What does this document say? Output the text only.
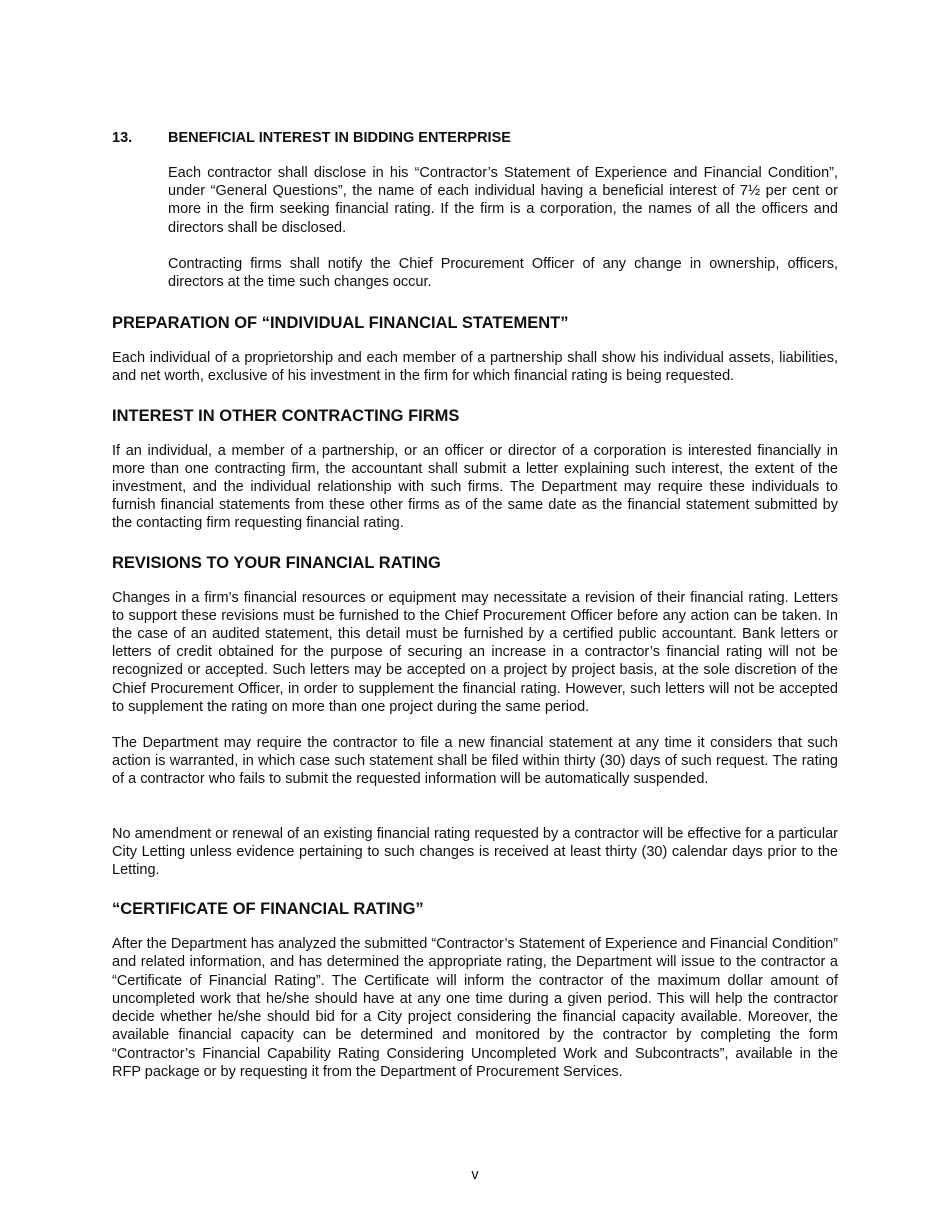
13.	BENEFICIAL INTEREST IN BIDDING ENTERPRISE

Each contractor shall disclose in his “Contractor’s Statement of Experience and Financial Condition”, under “General Questions”, the name of each individual having a beneficial interest of 7½ per cent or more in the firm seeking financial rating. If the firm is a corporation, the names of all the officers and directors shall be disclosed.

Contracting firms shall notify the Chief Procurement Officer of any change in ownership, officers, directors at the time such changes occur.

PREPARATION OF “INDIVIDUAL FINANCIAL STATEMENT”

Each individual of a proprietorship and each member of a partnership shall show his individual assets, liabilities, and net worth, exclusive of his investment in the firm for which financial rating is being requested.

INTEREST IN OTHER CONTRACTING FIRMS

If an individual, a member of a partnership, or an officer or director of a corporation is interested financially in more than one contracting firm, the accountant shall submit a letter explaining such interest, the extent of the investment, and the individual relationship with such firms. The Department may require these individuals to furnish financial statements from these other firms as of the same date as the financial statement submitted by the contacting firm requesting financial rating.

REVISIONS TO YOUR FINANCIAL RATING

Changes in a firm’s financial resources or equipment may necessitate a revision of their financial rating. Letters to support these revisions must be furnished to the Chief Procurement Officer before any action can be taken. In the case of an audited statement, this detail must be furnished by a certified public accountant. Bank letters or letters of credit obtained for the purpose of securing an increase in a contractor’s financial rating will not be recognized or accepted. Such letters may be accepted on a project by project basis, at the sole discretion of the Chief Procurement Officer, in order to supplement the financial rating. However, such letters will not be accepted to supplement the rating on more than one project during the same period.

The Department may require the contractor to file a new financial statement at any time it considers that such action is warranted, in which case such statement shall be filed within thirty (30) days of such request. The rating of a contractor who fails to submit the requested information will be automatically suspended.

No amendment or renewal of an existing financial rating requested by a contractor will be effective for a particular City Letting unless evidence pertaining to such changes is received at least thirty (30) calendar days prior to the Letting.

“CERTIFICATE OF FINANCIAL RATING”

After the Department has analyzed the submitted “Contractor’s Statement of Experience and Financial Condition” and related information, and has determined the appropriate rating, the Department will issue to the contractor a “Certificate of Financial Rating”. The Certificate will inform the contractor of the maximum dollar amount of uncompleted work that he/she should have at any one time during a given period. This will help the contractor decide whether he/she should bid for a City project considering the financial capacity available. Moreover, the available financial capacity can be determined and monitored by the contractor by completing the form “Contractor’s Financial Capability Rating Considering Uncompleted Work and Subcontracts”, available in the RFP package or by requesting it from the Department of Procurement Services.

v
